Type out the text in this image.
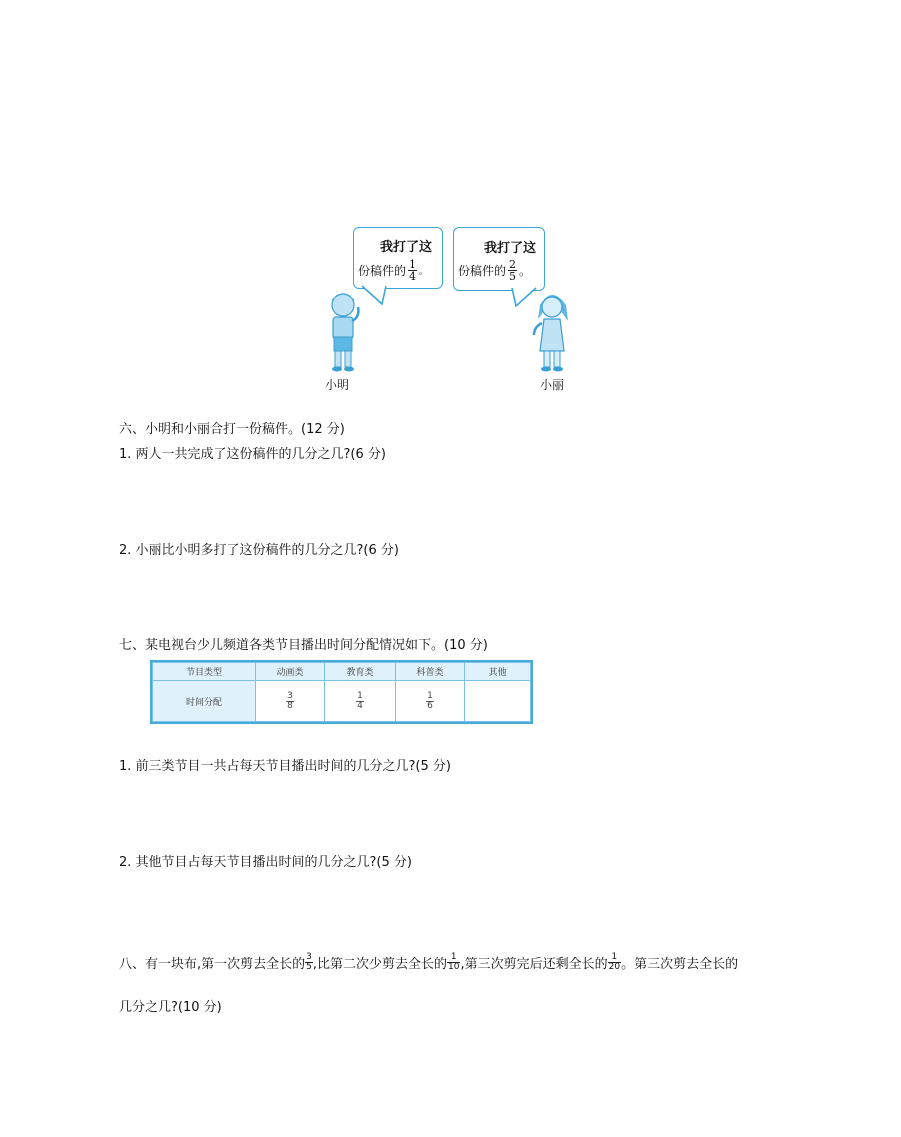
我打了这
份稿件的 $\frac{1}{4}$ 。
我打了这
份稿件的 $\frac{2}{5}$ 。
小明	小丽
六、小明和小丽合打一份稿件。(12 分)
1. 两人一共完成了这份稿件的几分之几?(6 分)
2. 小丽比小明多打了这份稿件的几分之几?(6 分)
七、某电视台少儿频道各类节目播出时间分配情况如下。(10 分)
节目类型	动画类	教育类	科普类	其他
时间分配	$\frac{3}{8}$	$\frac{1}{4}$	$\frac{1}{6}$

1. 前三类节目一共占每天节目播出时间的几分之几?(5 分)
2. 其他节目占每天节目播出时间的几分之几?(5 分)
八、有一块布,第一次剪去全长的 $\frac{3}{5}$ ,比第二次少剪去全长的 $\frac{1}{10}$ ,第三次剪完后还剩全长的 $\frac{1}{20}$ 。第三次剪去全长的
几分之几?(10 分)
